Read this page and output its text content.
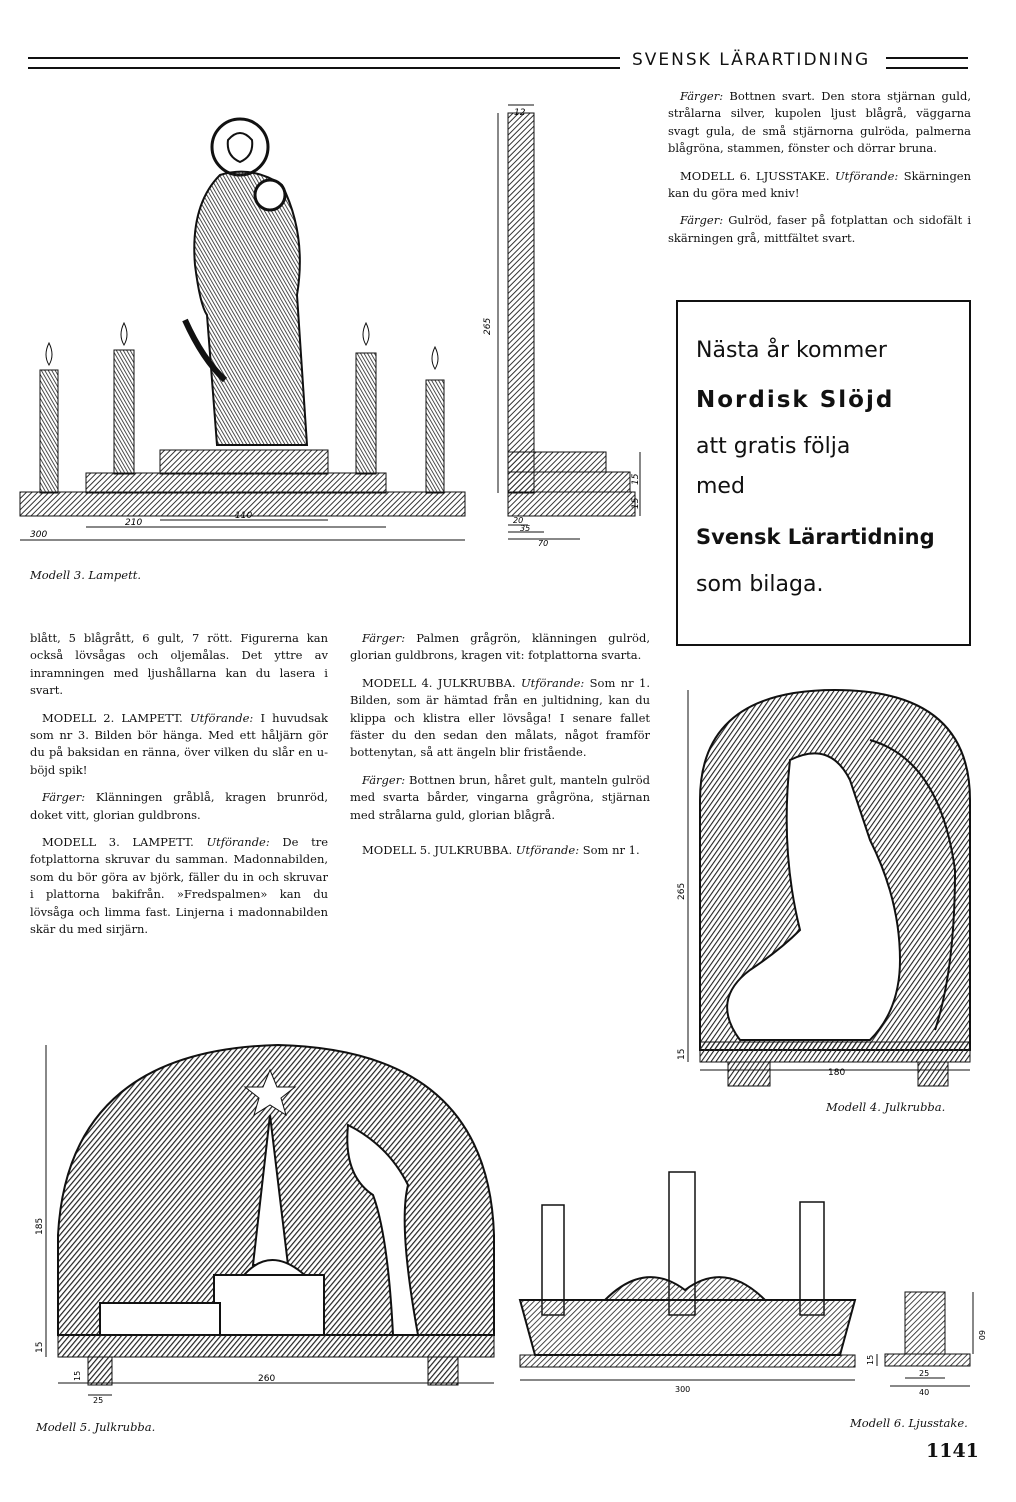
SVENSK LÄRARTIDNING

Färger: Bottnen svart. Den stora stjärnan guld, strålarna silver, kupolen ljust blågrå, väggarna svagt gula, de små stjärnorna gulröda, palmerna blågröna, stammen, fönster och dörrar bruna.

MODELL 6. LJUSSTAKE. Utförande: Skärningen kan du göra med kniv!

Färger: Gulröd, faser på fotplattan och sidofält i skärningen grå, mittfältet svart.

Nästa år kommer
Nordisk Slöjd
att gratis följa
med
Svensk Lärartidning
som bilaga.
300
210
110
265
12
15
15
20
35
70
Modell 3. Lampett.

blått, 5 blågrått, 6 gult, 7 rött. Figurerna kan också lövsågas och oljemålas. Det yttre av inramningen med ljushållarna kan du lasera i svart.

MODELL 2. LAMPETT. Utförande: I huvudsak som nr 3. Bilden bör hänga. Med ett håljärn gör du på baksidan en ränna, över vilken du slår en u-böjd spik!

Färger: Klänningen gråblå, kragen brunröd, doket vitt, glorian guldbrons.

MODELL 3. LAMPETT. Utförande: De tre fotplattorna skruvar du samman. Madonnabilden, som du bör göra av björk, fäller du in och skruvar i plattorna bakifrån. »Fredspalmen» kan du lövsåga och limma fast. Linjerna i madonnabilden skär du med sirjärn.

Färger: Palmen grågrön, klänningen gulröd, glorian guldbrons, kragen vit: fotplattorna svarta.

MODELL 4. JULKRUBBA. Utförande: Som nr 1. Bilden, som är hämtad från en jultidning, kan du klippa och klistra eller lövsåga! I senare fallet fäster du den sedan den målats, något framför bottenytan, så att ängeln blir fristående.

Färger: Bottnen brun, håret gult, manteln gulröd med svarta bårder, vingarna grågröna, stjärnan med strålarna guld, glorian blågrå.

MODELL 5. JULKRUBBA. Utförande: Som nr 1.

265
15
180
Modell 4. Julkrubba.
185
15
260
15
25
Modell 5. Julkrubba.
300
60
15
25
40
Modell 6. Ljusstake.
1141
